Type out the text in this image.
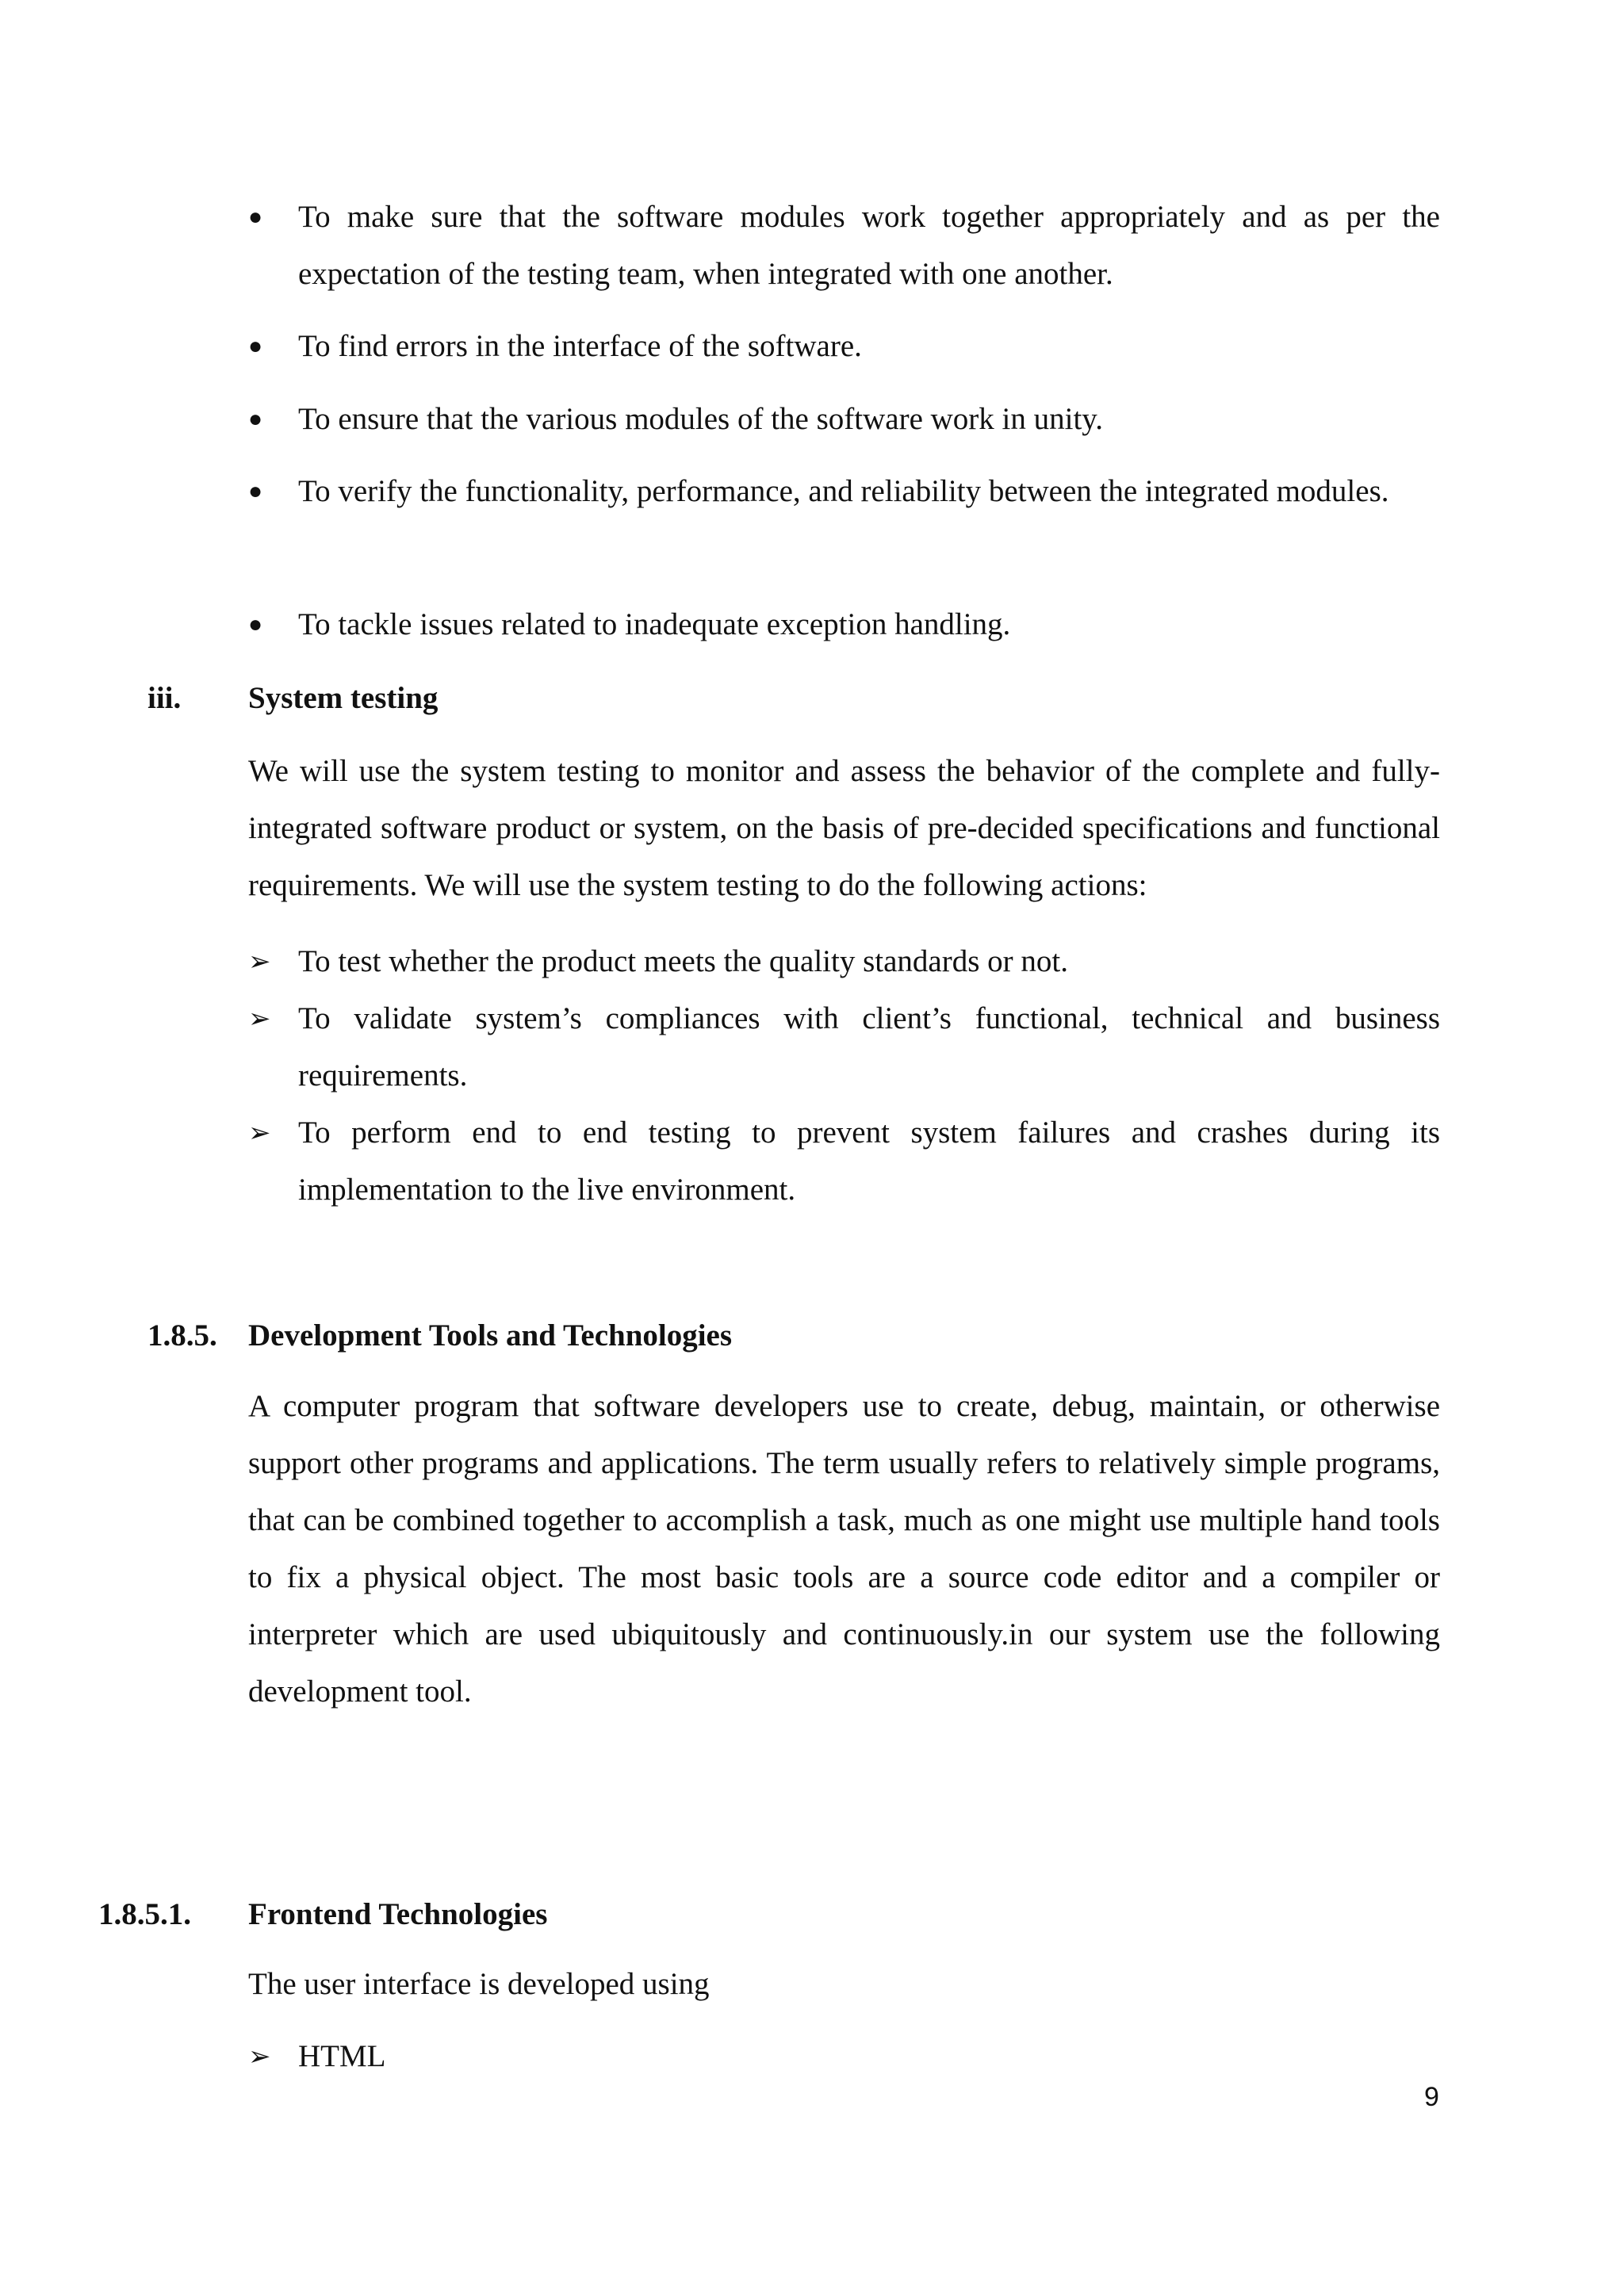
●	To make sure that the software modules work together appropriately and as per the expectation of the testing team, when integrated with one another.
●	To find errors in the interface of the software.
●	To ensure that the various modules of the software work in unity.
●	To verify the functionality, performance, and reliability between the integrated modules.
●	To tackle issues related to inadequate exception handling.
iii. System testing
We will use the system testing to monitor and assess the behavior of the complete and fully-integrated software product or system, on the basis of pre-decided specifications and functional requirements. We will use the system testing to do the following actions:
➢ To test whether the product meets the quality standards or not.
➢ To validate system’s compliances with client’s functional, technical and business requirements.
➢ To perform end to end testing to prevent system failures and crashes during its implementation to the live environment.
1.8.5. Development Tools and Technologies
A computer program that software developers use to create, debug, maintain, or otherwise support other programs and applications. The term usually refers to relatively simple programs, that can be combined together to accomplish a task, much as one might use multiple hand tools to fix a physical object. The most basic tools are a source code editor and a compiler or interpreter which are used ubiquitously and continuously.in our system use the following development tool.
1.8.5.1. Frontend Technologies
The user interface is developed using
➢ HTML
9
